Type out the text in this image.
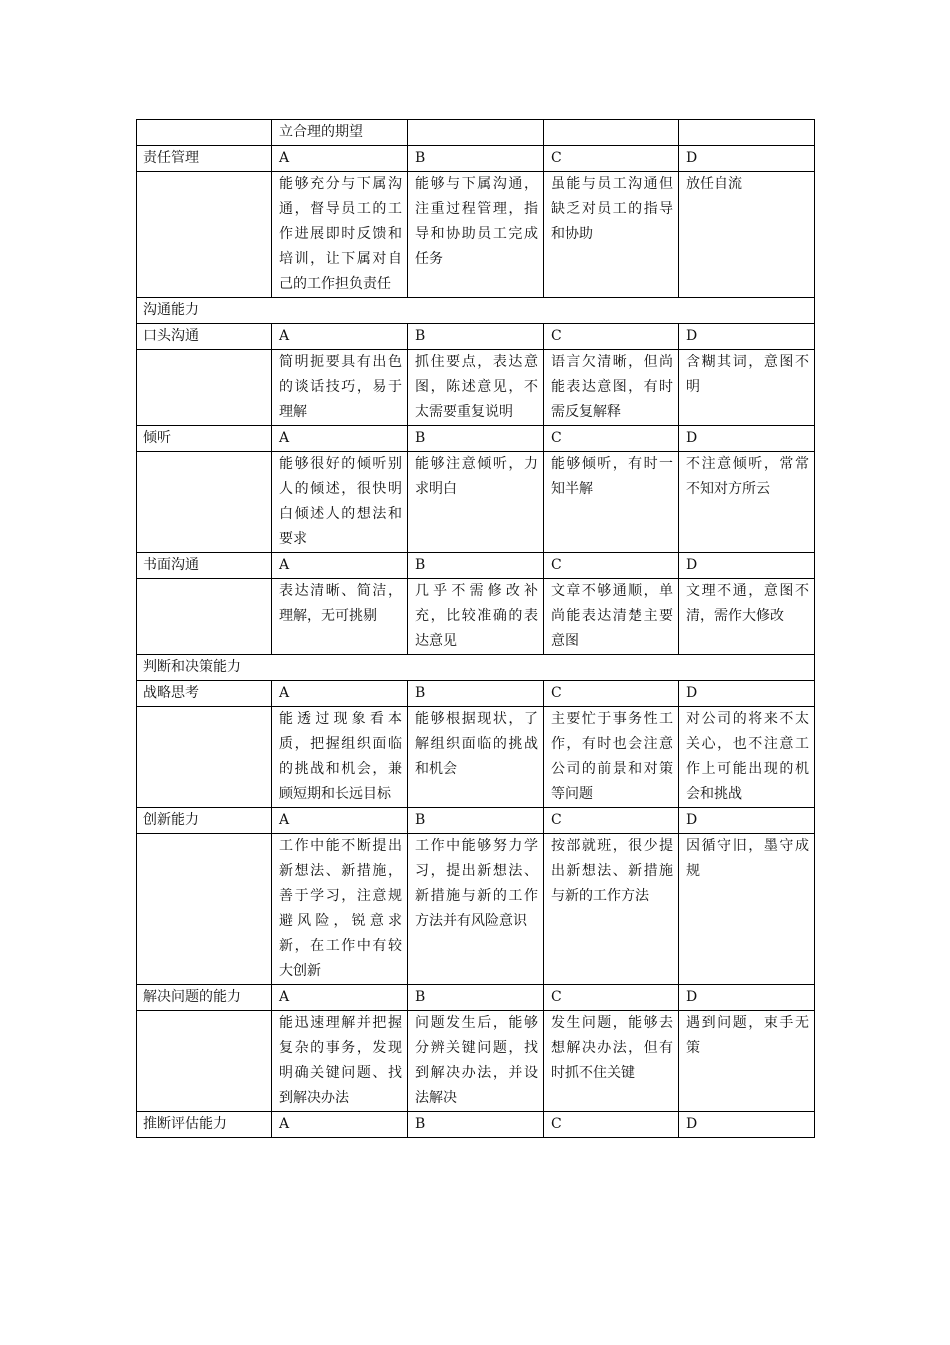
	立合理的期望			
责任管理	A	B	C	D
	能够充分与下属沟通，督导员工的工作进展即时反馈和培训，让下属对自己的工作担负责任	能够与下属沟通，注重过程管理，指导和协助员工完成任务	虽能与员工沟通但缺乏对员工的指导和协助	放任自流
沟通能力				
口头沟通	A	B	C	D
	简明扼要具有出色的谈话技巧，易于理解	抓住要点，表达意图，陈述意见，不太需要重复说明	语言欠清晰，但尚能表达意图，有时需反复解释	含糊其词，意图不明
倾听	A	B	C	D
	能够很好的倾听别人的倾述，很快明白倾述人的想法和要求	能够注意倾听，力求明白	能够倾听，有时一知半解	不注意倾听，常常不知对方所云
书面沟通	A	B	C	D
	表达清晰、简洁，理解，无可挑剔	几乎不需修改补充，比较准确的表达意见	文章不够通顺，单尚能表达清楚主要意图	文理不通，意图不清，需作大修改
判断和决策能力				
战略思考	A	B	C	D
	能透过现象看本质，把握组织面临的挑战和机会，兼顾短期和长远目标	能够根据现状，了解组织面临的挑战和机会	主要忙于事务性工作，有时也会注意公司的前景和对策等问题	对公司的将来不太关心，也不注意工作上可能出现的机会和挑战
创新能力	A	B	C	D
	工作中能不断提出新想法、新措施，善于学习，注意规避风险，锐意求新，在工作中有较大创新	工作中能够努力学习，提出新想法、新措施与新的工作方法并有风险意识	按部就班，很少提出新想法、新措施与新的工作方法	因循守旧，墨守成规
解决问题的能力	A	B	C	D
	能迅速理解并把握复杂的事务，发现明确关键问题、找到解决办法	问题发生后，能够分辨关键问题，找到解决办法，并设法解决	发生问题，能够去想解决办法，但有时抓不住关键	遇到问题，束手无策
推断评估能力	A	B	C	D
